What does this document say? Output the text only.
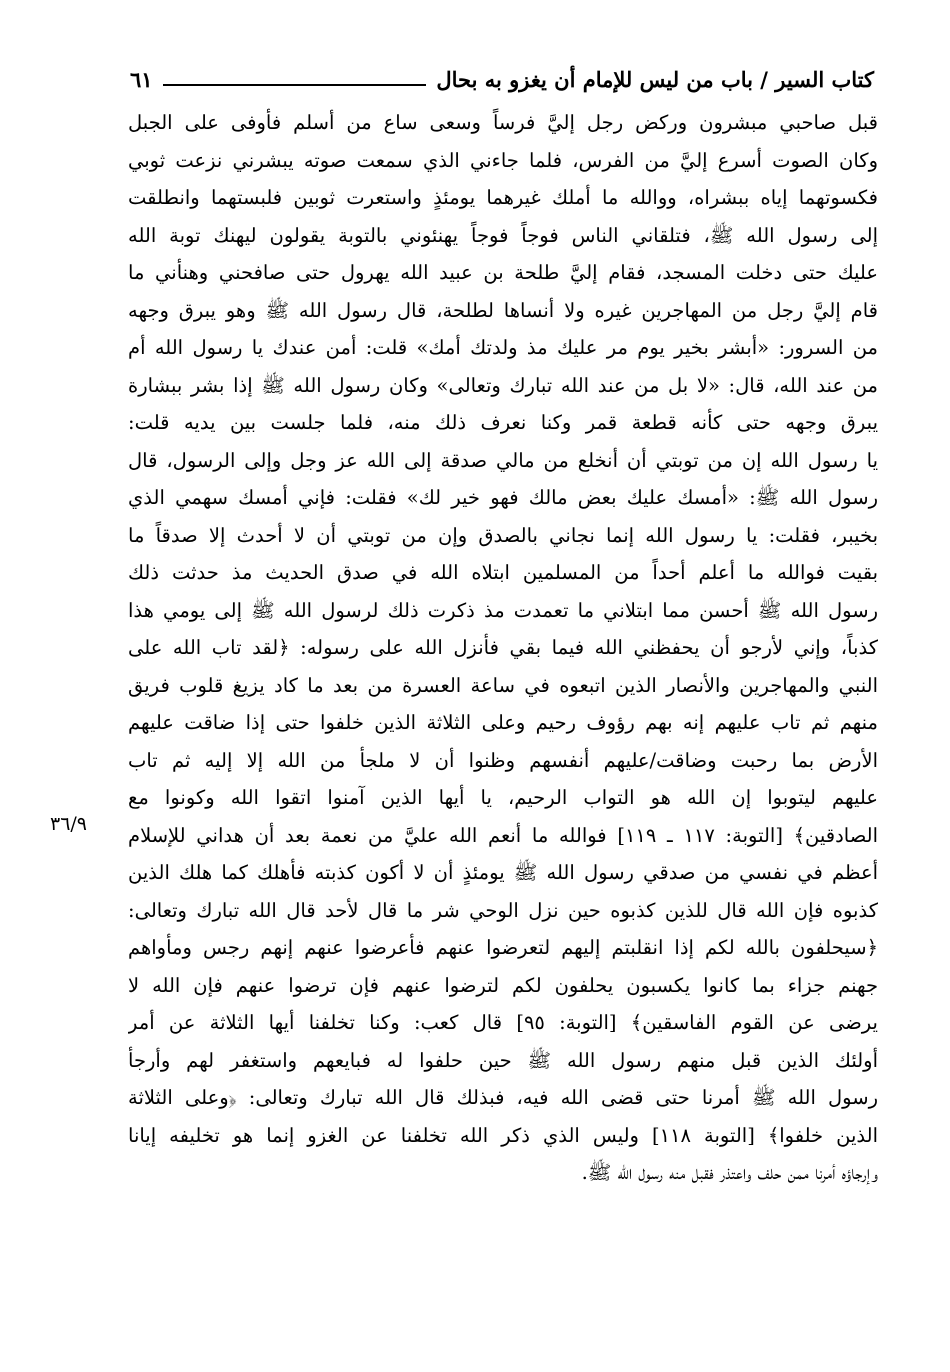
كتاب السير / باب من ليس للإمام أن يغزو به بحال
٦١
٣٦/٩
قبل صاحبي مبشرون وركض رجل إليَّ فرساً وسعى ساع من أسلم فأوفى على الجبل
وكان الصوت أسرع إليَّ من الفرس، فلما جاءني الذي سمعت صوته يبشرني نزعت ثوبي
فكسوتهما إياه ببشراه، ووالله ما أملك غيرهما يومئذٍ واستعرت ثوبين فلبستهما وانطلقت
إلى رسول الله ﷺ، فتلقاني الناس فوجاً فوجاً يهنئوني بالتوبة يقولون ليهنك توبة الله
عليك حتى دخلت المسجد، فقام إليَّ طلحة بن عبيد الله يهرول حتى صافحني وهنأني ما
قام إليَّ رجل من المهاجرين غيره ولا أنساها لطلحة، قال رسول الله ﷺ وهو يبرق وجهه
من السرور: «أبشر بخير يوم مر عليك مذ ولدتك أمك» قلت: أمن عندك يا رسول الله أم
من عند الله، قال: «لا بل من عند الله تبارك وتعالى» وكان رسول الله ﷺ إذا بشر ببشارة
يبرق وجهه حتى كأنه قطعة قمر وكنا نعرف ذلك منه، فلما جلست بين يديه قلت:
يا رسول الله إن من توبتي أن أنخلع من مالي صدقة إلى الله عز وجل وإلى الرسول، قال
رسول الله ﷺ: «أمسك عليك بعض مالك فهو خير لك» فقلت: فإني أمسك سهمي الذي
بخيبر، فقلت: يا رسول الله إنما نجاني بالصدق وإن من توبتي أن لا أحدث إلا صدقاً ما
بقيت فوالله ما أعلم أحداً من المسلمين ابتلاه الله في صدق الحديث مذ حدثت ذلك
رسول الله ﷺ أحسن مما ابتلاني ما تعمدت مذ ذكرت ذلك لرسول الله ﷺ إلى يومي هذا
كذباً، وإني لأرجو أن يحفظني الله فيما بقي فأنزل الله على رسوله: ﴿لقد تاب الله على
النبي والمهاجرين والأنصار الذين اتبعوه في ساعة العسرة من بعد ما كاد يزيغ قلوب فريق
منهم ثم تاب عليهم إنه بهم رؤوف رحيم وعلى الثلاثة الذين خلفوا حتى إذا ضاقت عليهم
الأرض بما رحبت وضاقت/عليهم أنفسهم وظنوا أن لا ملجأ من الله إلا إليه ثم تاب
عليهم ليتوبوا إن الله هو التواب الرحيم، يا أيها الذين آمنوا اتقوا الله وكونوا مع
الصادقين﴾ [التوبة: ١١٧ ـ ١١٩] فوالله ما أنعم الله عليَّ من نعمة بعد أن هداني للإسلام
أعظم في نفسي من صدقي رسول الله ﷺ يومئذٍ أن لا أكون كذبته فأهلك كما هلك الذين
كذبوه فإن الله قال للذين كذبوه حين نزل الوحي شر ما قال لأحد قال الله تبارك وتعالى:
﴿سيحلفون بالله لكم إذا انقلبتم إليهم لتعرضوا عنهم فأعرضوا عنهم إنهم رجس ومأواهم
جهنم جزاء بما كانوا يكسبون يحلفون لكم لترضوا عنهم فإن ترضوا عنهم فإن الله لا
يرضى عن القوم الفاسقين﴾ [التوبة: ٩٥] قال كعب: وكنا تخلفنا أيها الثلاثة عن أمر
أولئك الذين قبل منهم رسول الله ﷺ حين حلفوا له فبايعهم واستغفر لهم وأرجأ
رسول الله ﷺ أمرنا حتى قضى الله فيه، فبذلك قال الله تبارك وتعالى: ﴿وعلى الثلاثة
الذين خلفوا﴾ [التوبة ١١٨] وليس الذي ذكر الله تخلفنا عن الغزو إنما هو تخليفه إيانا
وإرجاؤه أمرنا ممن حلف واعتذر فقبل منه رسول الله ﷺ.
